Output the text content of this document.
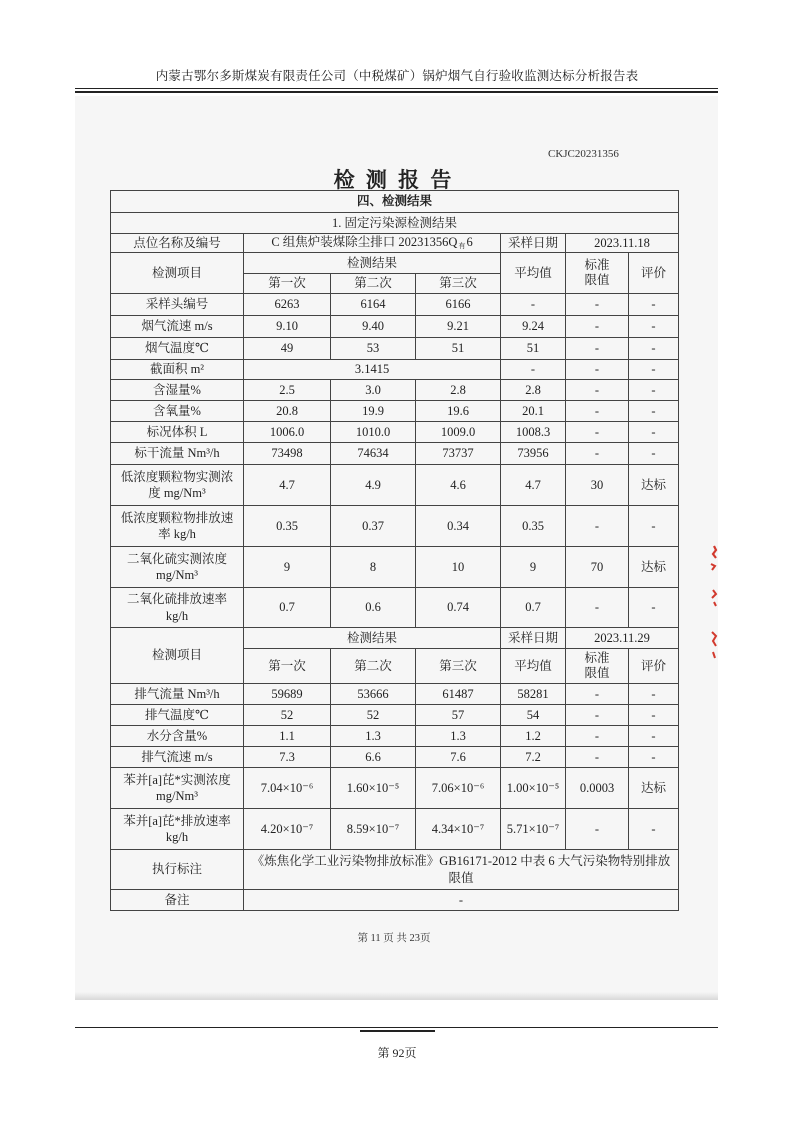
内蒙古鄂尔多斯煤炭有限责任公司（中税煤矿）锅炉烟气自行验收监测达标分析报告表
CKJC20231356
检 测 报 告
四、检测结果						
1. 固定污染源检测结果						
点位名称及编号	C 组焦炉装煤除尘排口 20231356Q有6			采样日期	2023.11.18	
检测项目	检测结果			平均值	标准限值	评价
	第一次	第二次	第三次			
采样头编号	6263	6164	6166	-	-	-
烟气流速 m/s	9.10	9.40	9.21	9.24	-	-
烟气温度℃	49	53	51	51	-	-
截面积 m²	3.1415			-	-	-
含湿量%	2.5	3.0	2.8	2.8	-	-
含氧量%	20.8	19.9	19.6	20.1	-	-
标况体积 L	1006.0	1010.0	1009.0	1008.3	-	-
标干流量 Nm³/h	73498	74634	73737	73956	-	-
低浓度颗粒物实测浓度 mg/Nm³	4.7	4.9	4.6	4.7	30	达标
低浓度颗粒物排放速率 kg/h	0.35	0.37	0.34	0.35	-	-
二氧化硫实测浓度 mg/Nm³	9	8	10	9	70	达标
二氧化硫排放速率 kg/h	0.7	0.6	0.74	0.7	-	-
检测项目	检测结果			采样日期	2023.11.29	
	第一次	第二次	第三次	平均值	标准限值	评价
排气流量 Nm³/h	59689	53666	61487	58281	-	-
排气温度℃	52	52	57	54	-	-
水分含量%	1.1	1.3	1.3	1.2	-	-
排气流速 m/s	7.3	6.6	7.6	7.2	-	-
苯并[a]芘*实测浓度 mg/Nm³	7.04×10⁻⁶	1.60×10⁻⁵	7.06×10⁻⁶	1.00×10⁻⁵	0.0003	达标
苯并[a]芘*排放速率 kg/h	4.20×10⁻⁷	8.59×10⁻⁷	4.34×10⁻⁷	5.71×10⁻⁷	-	-
执行标注	《炼焦化学工业污染物排放标准》GB16171-2012 中表 6 大气污染物特别排放限值					
备注	-					
第 11 页 共 23页
第 92页
